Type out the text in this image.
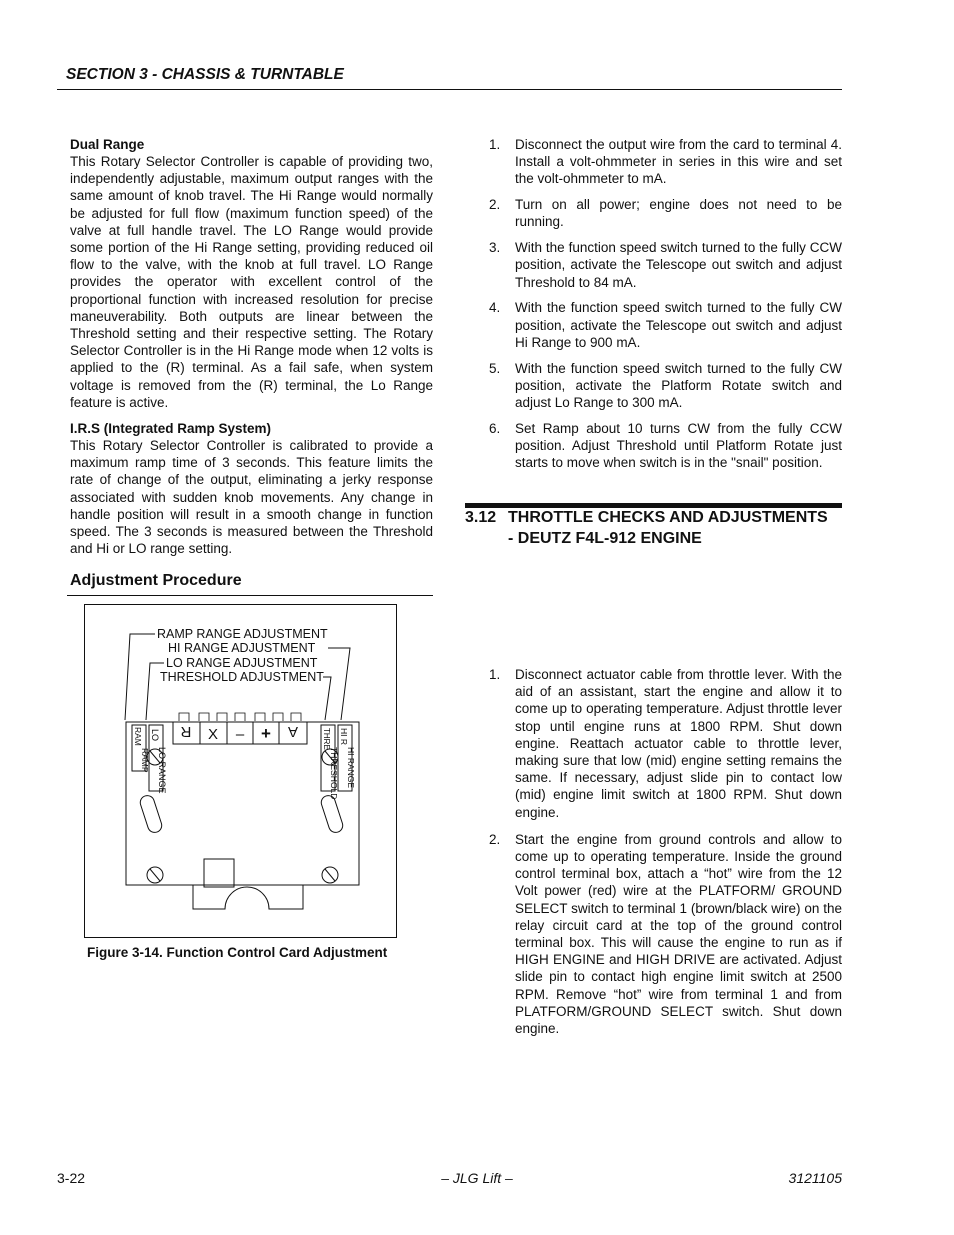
SECTION 3 - CHASSIS & TURNTABLE
Dual Range

This Rotary Selector Controller is capable of providing two, independently adjustable, maximum output ranges with the same amount of knob travel. The Hi Range would normally be adjusted for full flow (maximum function speed) of the valve at full handle travel. The LO Range would provide some portion of the Hi Range setting, providing reduced oil flow to the valve, with the knob at full travel. LO Range provides the operator with excellent control of the proportional function with increased resolution for precise maneuverability. Both outputs are linear between the Threshold setting and their respective setting. The Rotary Selector Controller is in the Hi Range mode when 12 volts is applied to the (R) terminal. As a fail safe, when system voltage is removed from the (R) terminal, the Lo Range feature is active.

I.R.S (Integrated Ramp System)

This Rotary Selector Controller is calibrated to provide a maximum ramp time of 3 seconds. This feature limits the rate of change of the output, eliminating a jerky response associated with sudden knob movements. Any change in handle position will result in a smooth change in function speed. The 3 seconds is measured between the Threshold and Hi or LO range setting.

Adjustment Procedure
RAMP RANGE ADJUSTMENT
HI RANGE ADJUSTMENT
LO RANGE ADJUSTMENT
THRESHOLD ADJUSTMENT
R X – + A
RAM
RAMP
LO
LO RANGE
THRE
THRESHOLD
HI R
HI RANGE
Figure 3-14. Function Control Card Adjustment
1.	Disconnect the output wire from the card to terminal 4. Install a volt-ohmmeter in series in this wire and set the volt-ohmmeter to mA.
2.	Turn on all power; engine does not need to be running.
3.	With the function speed switch turned to the fully CCW position, activate the Telescope out switch and adjust Threshold to 84 mA.
4.	With the function speed switch turned to the fully CW position, activate the Telescope out switch and adjust Hi Range to 900 mA.
5.	With the function speed switch turned to the fully CW position, activate the Platform Rotate switch and adjust Lo Range to 300 mA.
6.	Set Ramp about 10 turns CW from the fully CCW position. Adjust Threshold until Platform Rotate just starts to move when switch is in the "snail" position.
3.12 THROTTLE CHECKS AND ADJUSTMENTS - DEUTZ F4L-912 ENGINE
1.	Disconnect actuator cable from throttle lever. With the aid of an assistant, start the engine and allow it to come up to operating temperature. Adjust throttle lever stop until engine runs at 1800 RPM. Shut down engine. Reattach actuator cable to throttle lever, making sure that low (mid) engine setting remains the same. If necessary, adjust slide pin to contact low (mid) engine limit switch at 1800 RPM. Shut down engine.
2.	Start the engine from ground controls and allow to come up to operating temperature. Inside the ground control terminal box, attach a “hot” wire from the 12 Volt power (red) wire at the PLATFORM/ GROUND SELECT switch to terminal 1 (brown/black wire) on the relay circuit card at the top of the ground control terminal box. This will cause the engine to run as if HIGH ENGINE and HIGH DRIVE are activated. Adjust slide pin to contact high engine limit switch at 2500 RPM. Remove “hot” wire from terminal 1 and from PLATFORM/GROUND SELECT switch. Shut down engine.
3-22	– JLG Lift –	3121105
